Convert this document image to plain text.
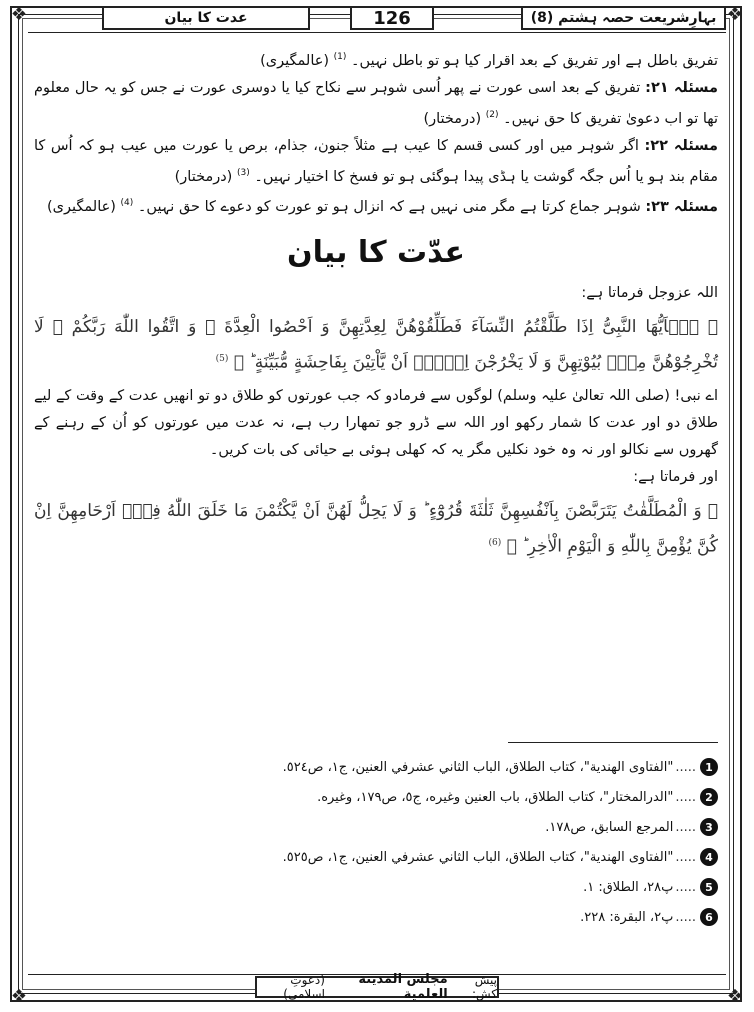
❖	❖
❖	❖
بہارِشریعت حصہ ہشتم (8)
126
عدت کا بیان

تفریق باطل ہے اور تفریق کے بعد اقرار کیا ہو تو باطل نہیں۔ $^{(1)}$ (عالمگیری)

مسئلہ ۲۱: تفریق کے بعد اسی عورت نے پھر اُسی شوہر سے نکاح کیا یا دوسری عورت نے جس کو یہ حال معلوم تھا تو اب دعویٰ تفریق کا حق نہیں۔ $^{(2)}$ (درمختار)

مسئلہ ۲۲: اگر شوہر میں اور کسی قسم کا عیب ہے مثلاً جنون، جذام، برص یا عورت میں عیب ہو کہ اُس کا مقام بند ہو یا اُس جگہ گوشت یا ہڈی پیدا ہوگئی ہو تو فسخ کا اختیار نہیں۔ $^{(3)}$ (درمختار)

مسئلہ ۲۳: شوہر جماع کرتا ہے مگر منی نہیں ہے کہ انزال ہو تو عورت کو دعوے کا حق نہیں۔ $^{(4)}$ (عالمگیری)

عدّت کا بیان

اللہ عزوجل فرماتا ہے:

﴿ یٰۤاَیُّهَا النَّبِیُّ اِذَا طَلَّقْتُمُ النِّسَآءَ فَطَلِّقُوْهُنَّ لِعِدَّتِهِنَّ وَ اَحْصُوا الْعِدَّةَ ۚ وَ اتَّقُوا اللّٰهَ رَبَّكُمْ ۚ لَا تُخْرِجُوْهُنَّ مِنْۢ بُیُوْتِهِنَّ وَ لَا یَخْرُجْنَ اِلَّاۤ اَنْ یَّاْتِیْنَ بِفَاحِشَةٍ مُّبَیِّنَةٍ ؕ ﴾ $^{(5)}$

اے نبی! (صلی اللہ تعالیٰ علیہ وسلم) لوگوں سے فرمادو کہ جب عورتوں کو طلاق دو تو انھیں عدت کے وقت کے لیے طلاق دو اور عدت کا شمار رکھو اور اللہ سے ڈرو جو تمھارا رب ہے، نہ عدت میں عورتوں کو اُن کے رہنے کے گھروں سے نکالو اور نہ وہ خود نکلیں مگر یہ کہ کھلی ہوئی بے حیائی کی بات کریں۔

اور فرماتا ہے:

﴿ وَ الْمُطَلَّقٰتُ یَتَرَبَّصْنَ بِاَنْفُسِهِنَّ ثَلٰثَةَ قُرُوْٓءٍ ؕ وَ لَا یَحِلُّ لَهُنَّ اَنْ یَّكْتُمْنَ مَا خَلَقَ اللّٰهُ فِیْۤ اَرْحَامِهِنَّ اِنْ كُنَّ یُؤْمِنَّ بِاللّٰهِ وَ الْیَوْمِ الْاٰخِرِ ؕ ﴾ $^{(6)}$

1
.....
"الفتاوی الهندية"، كتاب الطلاق، الباب الثاني عشرفي العنين، ج١، ص٥٢٤.
2
.....
"الدرالمختار"، كتاب الطلاق، باب العنين وغيره، ج٥، ص١٧٩، وغيره.
3
.....
المرجع السابق، ص١٧٨.
4
.....
"الفتاوی الهندية"، كتاب الطلاق، الباب الثاني عشرفي العنين، ج١، ص٥٢٥.
5
.....
پ٢٨، الطلاق: ١.
6
.....
پ٢، البقرة: ٢٢٨.
پیش کش:
مجلس المدينة العلمية
(دعوتِ اسلامی)
